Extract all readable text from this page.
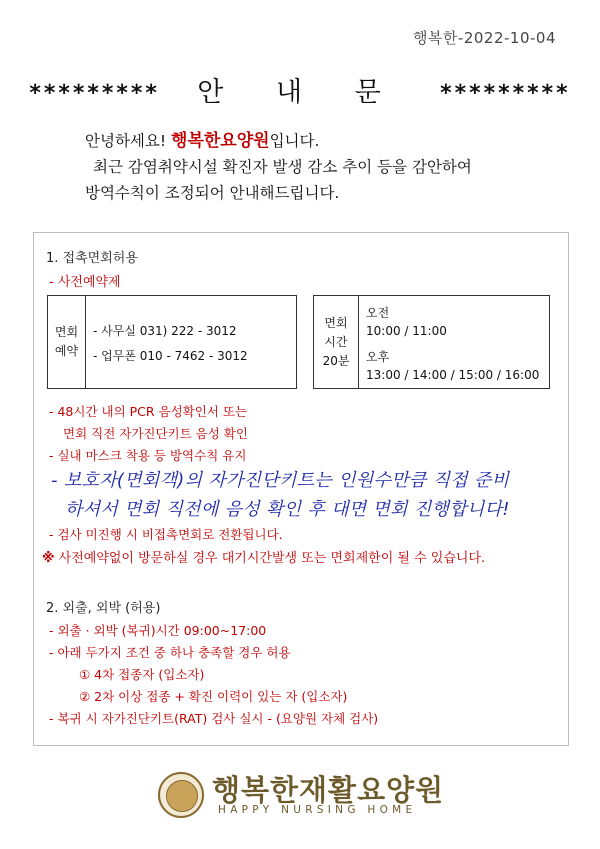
행복한-2022-10-04
********* 안 내 문 *********
안녕하세요! 행복한요양원입니다.
최근 감염취약시설 확진자 발생 감소 추이 등을 감안하여
방역수칙이 조정되어 안내해드립니다.
1. 접촉면회허용
- 사전예약제
면회
예약
- 사무실 031) 222 - 3012
- 업무폰 010 - 7462 - 3012
면회
시간
20분
오전
10:00 / 11:00
오후
13:00 / 14:00 / 15:00 / 16:00
- 48시간 내의 PCR 음성확인서 또는
면회 직전 자가진단키트 음성 확인
- 실내 마스크 착용 등 방역수칙 유지
- 보호자(면회객)의 자가진단키트는 인원수만큼 직접 준비
하셔서 면회 직전에 음성 확인 후 대면 면회 진행합니다!
- 검사 미진행 시 비접촉면회로 전환됩니다.
※ 사전예약없이 방문하실 경우 대기시간발생 또는 면회제한이 될 수 있습니다.
2. 외출, 외박 (허용)
- 외출 · 외박 (복귀)시간 09:00~17:00
- 아래 두가지 조건 중 하나 충족할 경우 허용
① 4차 접종자 (입소자)
② 2차 이상 접종 + 확진 이력이 있는 자 (입소자)
- 복귀 시 자가진단키트(RAT) 검사 실시 - (요양원 자체 검사)
행복한재활요양원
HAPPY NURSING HOME
